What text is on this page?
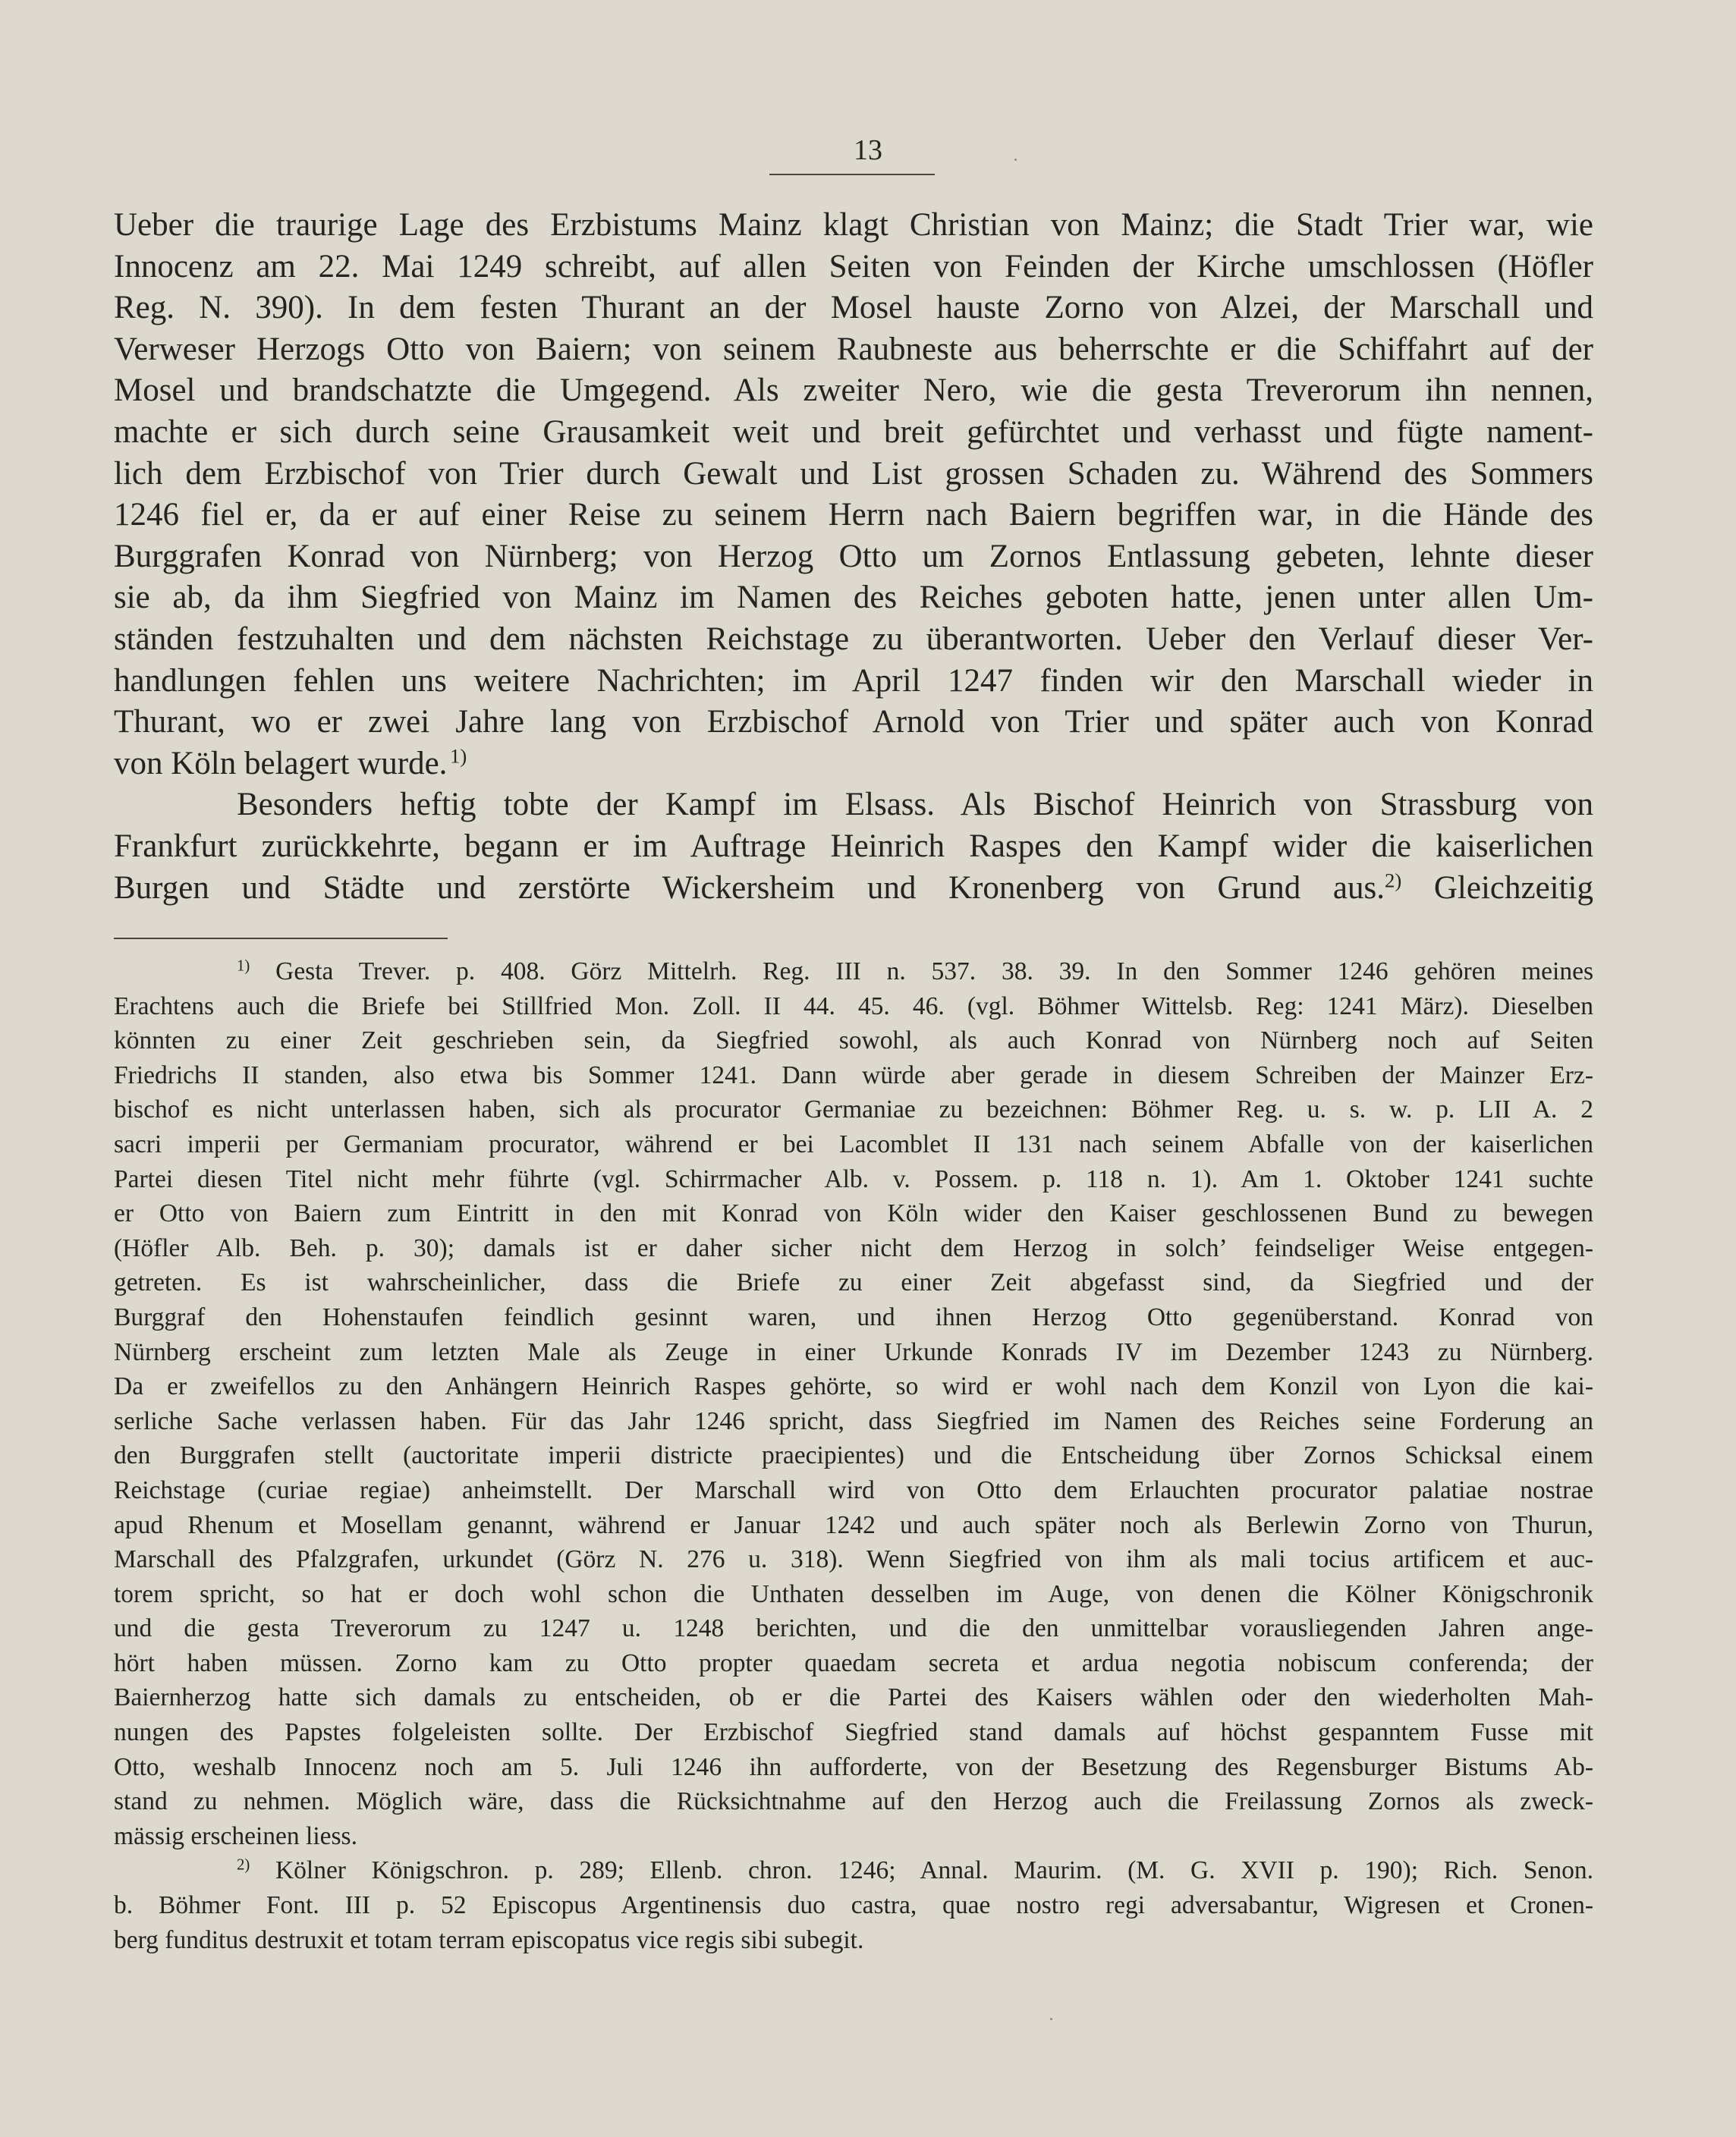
13
Ueber die traurige Lage des Erzbistums Mainz klagt Christian von Mainz; die Stadt Trier war, wie
Innocenz am 22. Mai 1249 schreibt, auf allen Seiten von Feinden der Kirche umschlossen (Höfler
Reg. N. 390). In dem festen Thurant an der Mosel hauste Zorno von Alzei, der Marschall und
Verweser Herzogs Otto von Baiern; von seinem Raubneste aus beherrschte er die Schiffahrt auf der
Mosel und brandschatzte die Umgegend. Als zweiter Nero, wie die gesta Treverorum ihn nennen,
machte er sich durch seine Grausamkeit weit und breit gefürchtet und verhasst und fügte nament-
lich dem Erzbischof von Trier durch Gewalt und List grossen Schaden zu. Während des Sommers
1246 fiel er, da er auf einer Reise zu seinem Herrn nach Baiern begriffen war, in die Hände des
Burggrafen Konrad von Nürnberg; von Herzog Otto um Zornos Entlassung gebeten, lehnte dieser
sie ab, da ihm Siegfried von Mainz im Namen des Reiches geboten hatte, jenen unter allen Um-
ständen festzuhalten und dem nächsten Reichstage zu überantworten. Ueber den Verlauf dieser Ver-
handlungen fehlen uns weitere Nachrichten; im April 1247 finden wir den Marschall wieder in
Thurant, wo er zwei Jahre lang von Erzbischof Arnold von Trier und später auch von Konrad
von Köln belagert wurde.  $^{1)}$
Besonders heftig tobte der Kampf im Elsass. Als Bischof Heinrich von Strassburg von
Frankfurt zurückkehrte, begann er im Auftrage Heinrich Raspes den Kampf wider die kaiserlichen
Burgen und Städte und zerstörte Wickersheim und Kronenberg von Grund aus.$^{2)}$ Gleichzeitig
$^{1)}$ Gesta Trever. p. 408. Görz Mittelrh. Reg. III n. 537. 38. 39. In den Sommer 1246 gehören meines
Erachtens auch die Briefe bei Stillfried Mon. Zoll. II 44. 45. 46. (vgl. Böhmer Wittelsb. Reg: 1241 März). Dieselben
könnten zu einer Zeit geschrieben sein, da Siegfried sowohl, als auch Konrad von Nürnberg noch auf Seiten
Friedrichs II standen, also etwa bis Sommer 1241. Dann würde aber gerade in diesem Schreiben der Mainzer Erz-
bischof es nicht unterlassen haben, sich als procurator Germaniae zu bezeichnen: Böhmer Reg. u. s. w. p. LII A. 2
sacri imperii per Germaniam procurator, während er bei Lacomblet II 131 nach seinem Abfalle von der kaiserlichen
Partei diesen Titel nicht mehr führte (vgl. Schirrmacher Alb. v. Possem. p. 118 n. 1). Am 1. Oktober 1241 suchte
er Otto von Baiern zum Eintritt in den mit Konrad von Köln wider den Kaiser geschlossenen Bund zu bewegen
(Höfler Alb. Beh. p. 30); damals ist er daher sicher nicht dem Herzog in solch’ feindseliger Weise entgegen-
getreten. Es ist wahrscheinlicher, dass die Briefe zu einer Zeit abgefasst sind, da Siegfried und der
Burggraf den Hohenstaufen feindlich gesinnt waren, und ihnen Herzog Otto gegenüberstand. Konrad von
Nürnberg erscheint zum letzten Male als Zeuge in einer Urkunde Konrads IV im Dezember 1243 zu Nürnberg.
Da er zweifellos zu den Anhängern Heinrich Raspes gehörte, so wird er wohl nach dem Konzil von Lyon die kai-
serliche Sache verlassen haben. Für das Jahr 1246 spricht, dass Siegfried im Namen des Reiches seine Forderung an
den Burggrafen stellt (auctoritate imperii districte praecipientes) und die Entscheidung über Zornos Schicksal einem
Reichstage (curiae regiae) anheimstellt. Der Marschall wird von Otto dem Erlauchten procurator palatiae nostrae
apud Rhenum et Mosellam genannt, während er Januar 1242 und auch später noch als Berlewin Zorno von Thurun,
Marschall des Pfalzgrafen, urkundet (Görz N. 276 u. 318). Wenn Siegfried von ihm als mali tocius artificem et auc-
torem spricht, so hat er doch wohl schon die Unthaten desselben im Auge, von denen die Kölner Königschronik
und die gesta Treverorum zu 1247 u. 1248 berichten, und die den unmittelbar vorausliegenden Jahren ange-
hört haben müssen. Zorno kam zu Otto propter quaedam secreta et ardua negotia nobiscum conferenda; der
Baiernherzog hatte sich damals zu entscheiden, ob er die Partei des Kaisers wählen oder den wiederholten Mah-
nungen des Papstes folgeleisten sollte. Der Erzbischof Siegfried stand damals auf höchst gespanntem Fusse mit
Otto, weshalb Innocenz noch am 5. Juli 1246 ihn aufforderte, von der Besetzung des Regensburger Bistums Ab-
stand zu nehmen. Möglich wäre, dass die Rücksichtnahme auf den Herzog auch die Freilassung Zornos als zweck-
mässig erscheinen liess.
$^{2)}$ Kölner Königschron. p. 289; Ellenb. chron. 1246; Annal. Maurim. (M. G. XVII p. 190); Rich. Senon.
b. Böhmer Font. III p. 52 Episcopus Argentinensis duo castra, quae nostro regi adversabantur, Wigresen et Cronen-
berg funditus destruxit et totam terram episcopatus vice regis sibi subegit.
